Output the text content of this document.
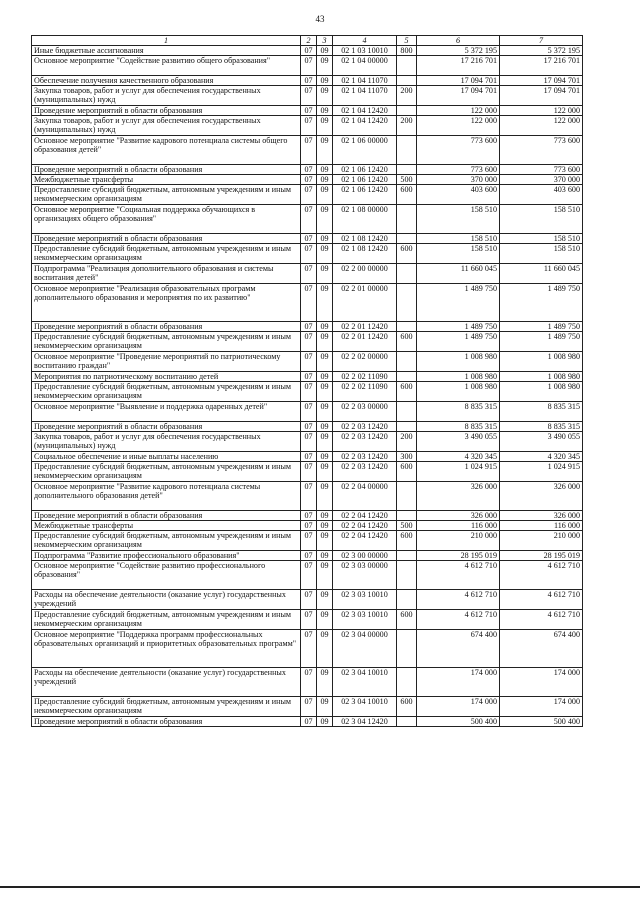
43
1	2	3	4	5	6	7
Иные бюджетные ассигнования	07	09	02 1 03 10010	800	5 372 195	5 372 195
Основное мероприятие "Содействие развитию общего образования"	07	09	02 1 04 00000		17 216 701	17 216 701
Обеспечение получения качественного образования	07	09	02 1 04 11070		17 094 701	17 094 701
Закупка товаров, работ и услуг для обеспечения государственных (муниципальных) нужд	07	09	02 1 04 11070	200	17 094 701	17 094 701
Проведение мероприятий в области образования	07	09	02 1 04 12420		122 000	122 000
Закупка товаров, работ и услуг для обеспечения государственных (муниципальных) нужд	07	09	02 1 04 12420	200	122 000	122 000
Основное мероприятие "Развитие кадрового потенциала системы общего образования детей"	07	09	02 1 06 00000		773 600	773 600
Проведение мероприятий в области образования	07	09	02 1 06 12420		773 600	773 600
Межбюджетные трансферты	07	09	02 1 06 12420	500	370 000	370 000
Предоставление субсидий бюджетным, автономным учреждениям и иным некоммерческим организациям	07	09	02 1 06 12420	600	403 600	403 600
Основное мероприятие "Социальная поддержка обучающихся в организациях общего образования"	07	09	02 1 08 00000		158 510	158 510
Проведение мероприятий в области образования	07	09	02 1 08 12420		158 510	158 510
Предоставление субсидий бюджетным, автономным учреждениям и иным некоммерческим организациям	07	09	02 1 08 12420	600	158 510	158 510
Подпрограмма "Реализация дополнительного образования и системы воспитания детей"	07	09	02 2 00 00000		11 660 045	11 660 045
Основное мероприятие "Реализация образовательных программ дополнительного образования и мероприятия по их развитию"	07	09	02 2 01 00000		1 489 750	1 489 750
Проведение мероприятий в области образования	07	09	02 2 01 12420		1 489 750	1 489 750
Предоставление субсидий бюджетным, автономным учреждениям и иным некоммерческим организациям	07	09	02 2 01 12420	600	1 489 750	1 489 750
Основное мероприятие "Проведение мероприятий по патриотическому воспитанию граждан"	07	09	02 2 02 00000		1 008 980	1 008 980
Мероприятия по патриотическому воспитанию детей	07	09	02 2 02 11090		1 008 980	1 008 980
Предоставление субсидий бюджетным, автономным учреждениям и иным некоммерческим организациям	07	09	02 2 02 11090	600	1 008 980	1 008 980
Основное мероприятие "Выявление и поддержка одаренных детей"	07	09	02 2 03 00000		8 835 315	8 835 315
Проведение мероприятий в области образования	07	09	02 2 03 12420		8 835 315	8 835 315
Закупка товаров, работ и услуг для обеспечения государственных (муниципальных) нужд	07	09	02 2 03 12420	200	3 490 055	3 490 055
Социальное обеспечение и иные выплаты населению	07	09	02 2 03 12420	300	4 320 345	4 320 345
Предоставление субсидий бюджетным, автономным учреждениям и иным некоммерческим организациям	07	09	02 2 03 12420	600	1 024 915	1 024 915
Основное мероприятие "Развитие кадрового потенциала системы дополнительного образования детей"	07	09	02 2 04 00000		326 000	326 000
Проведение мероприятий в области образования	07	09	02 2 04 12420		326 000	326 000
Межбюджетные трансферты	07	09	02 2 04 12420	500	116 000	116 000
Предоставление субсидий бюджетным, автономным учреждениям и иным некоммерческим организациям	07	09	02 2 04 12420	600	210 000	210 000
Подпрограмма "Развитие профессионального образования"	07	09	02 3 00 00000		28 195 019	28 195 019
Основное мероприятие "Содействие развитию профессионального образования"	07	09	02 3 03 00000		4 612 710	4 612 710
Расходы на обеспечение деятельности (оказание услуг) государственных учреждений	07	09	02 3 03 10010		4 612 710	4 612 710
Предоставление субсидий бюджетным, автономным учреждениям и иным некоммерческим организациям	07	09	02 3 03 10010	600	4 612 710	4 612 710
Основное мероприятие "Поддержка программ профессиональных образовательных организаций и приоритетных образовательных программ"	07	09	02 3 04 00000		674 400	674 400
Расходы на обеспечение деятельности (оказание услуг) государственных учреждений	07	09	02 3 04 10010		174 000	174 000
Предоставление субсидий бюджетным, автономным учреждениям и иным некоммерческим организациям	07	09	02 3 04 10010	600	174 000	174 000
Проведение мероприятий в области образования	07	09	02 3 04 12420		500 400	500 400
